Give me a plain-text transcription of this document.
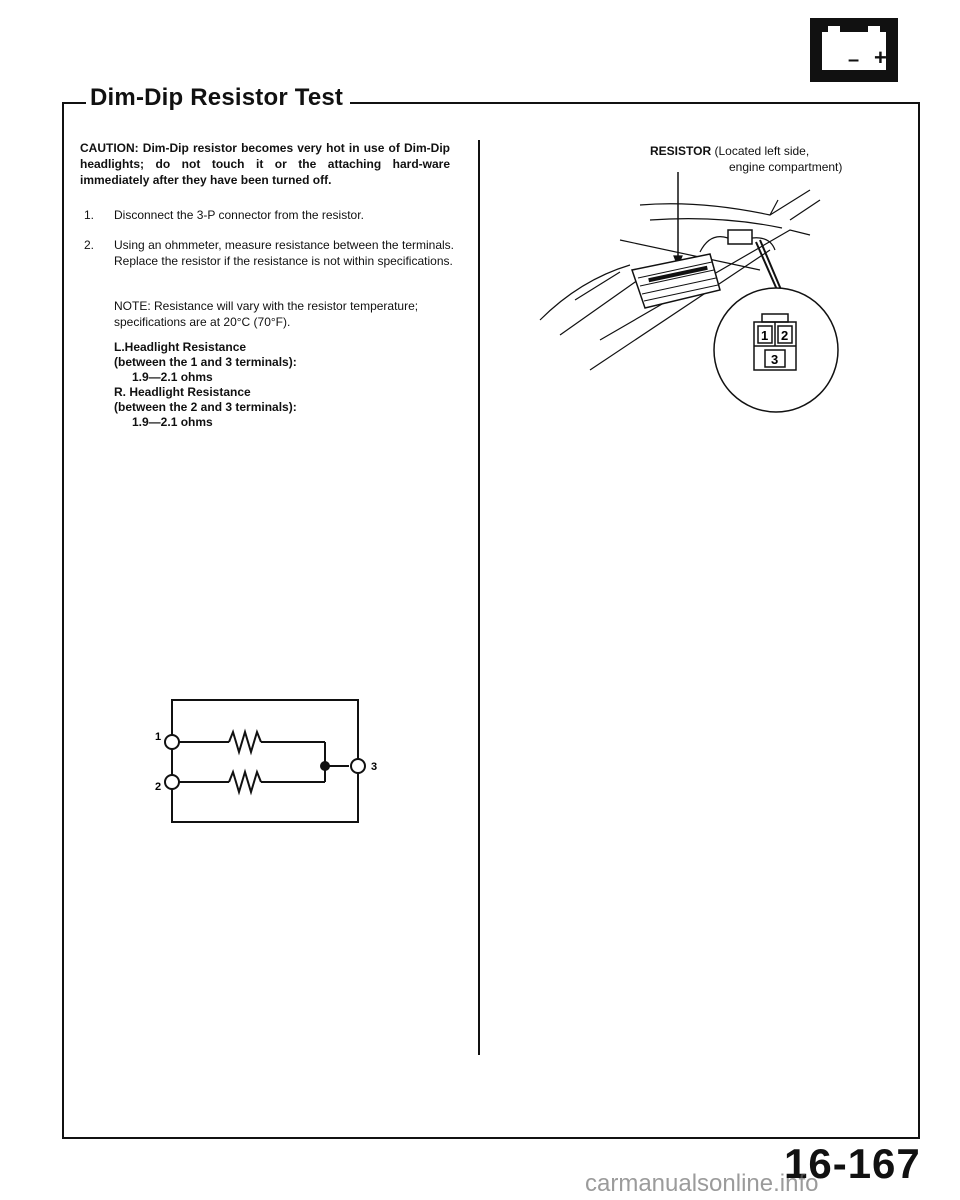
– +
Dim-Dip Resistor Test
CAUTION: Dim-Dip resistor becomes very hot in use of Dim-Dip headlights; do not touch it or the attaching hard-ware immediately after they have been turned off.
1. Disconnect the 3-P connector from the resistor.
2. Using an ohmmeter, measure resistance between the terminals. Replace the resistor if the resistance is not within specifications.
NOTE: Resistance will vary with the resistor temperature; specifications are at 20°C (70°F).
L.Headlight Resistance
(between the 1 and 3 terminals):
1.9—2.1 ohms
R. Headlight Resistance
(between the 2 and 3 terminals):
1.9—2.1 ohms
1
2
3
RESISTOR (Located left side,
engine compartment)
1 2
3
16-167
carmanualsonline.info
